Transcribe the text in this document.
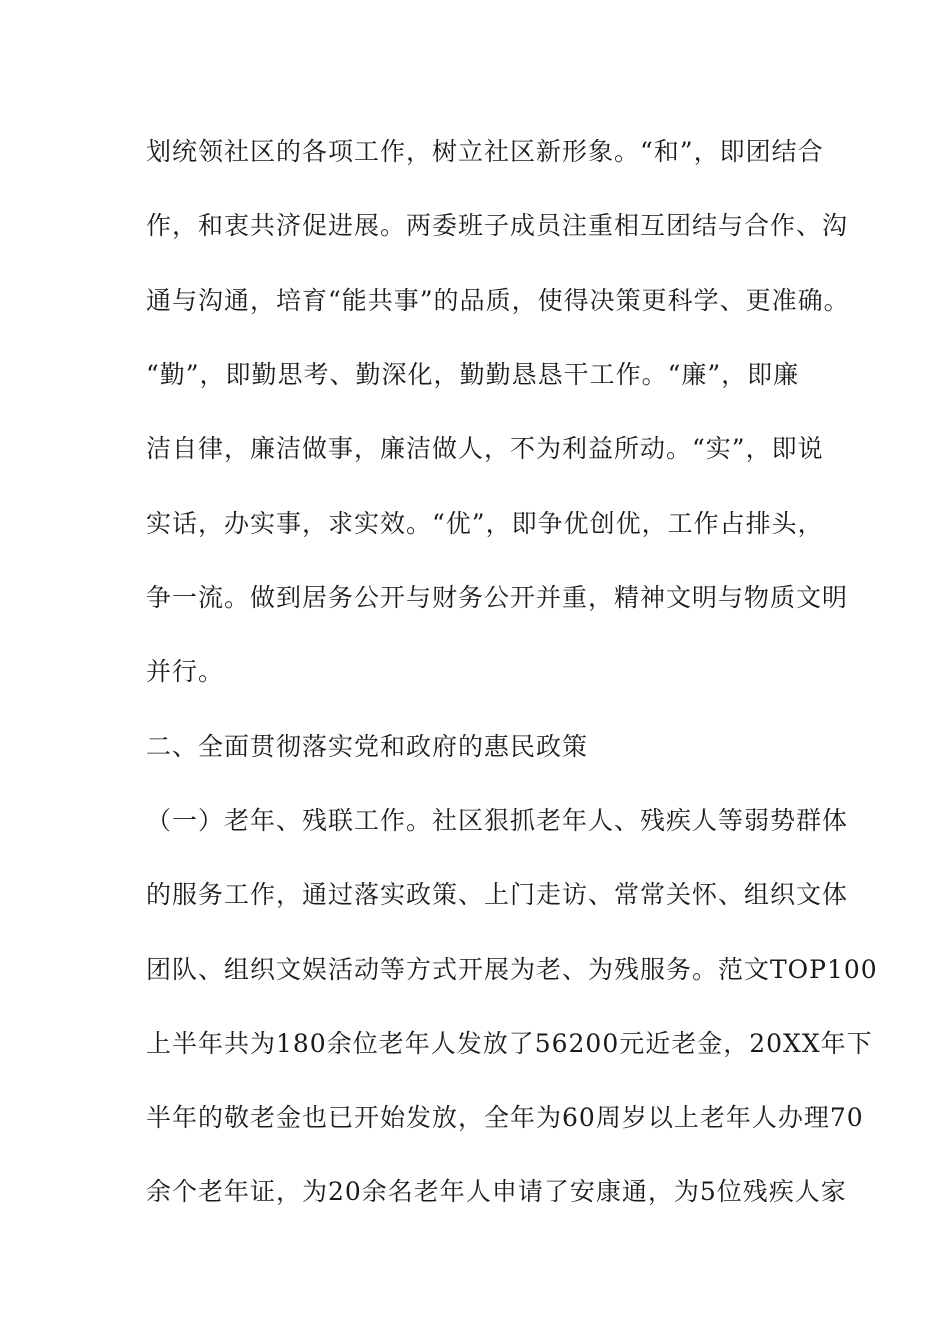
划统领社区的各项工作，树立社区新形象。“和”，即团结合
作，和衷共济促进展。两委班子成员注重相互团结与合作、沟
通与沟通，培育“能共事”的品质，使得决策更科学、更准确。
“勤”，即勤思考、勤深化，勤勤恳恳干工作。“廉”，即廉
洁自律，廉洁做事，廉洁做人，不为利益所动。“实”，即说
实话，办实事，求实效。“优”，即争优创优，工作占排头，
争一流。做到居务公开与财务公开并重，精神文明与物质文明
并行。
二、全面贯彻落实党和政府的惠民政策
（一）老年、残联工作。社区狠抓老年人、残疾人等弱势群体
的服务工作，通过落实政策、上门走访、常常关怀、组织文体
团队、组织文娱活动等方式开展为老、为残服务。范文TOP100
上半年共为180余位老年人发放了56200元近老金，20XX年下
半年的敬老金也已开始发放，全年为60周岁以上老年人办理70
余个老年证，为20余名老年人申请了安康通，为5位残疾人家
